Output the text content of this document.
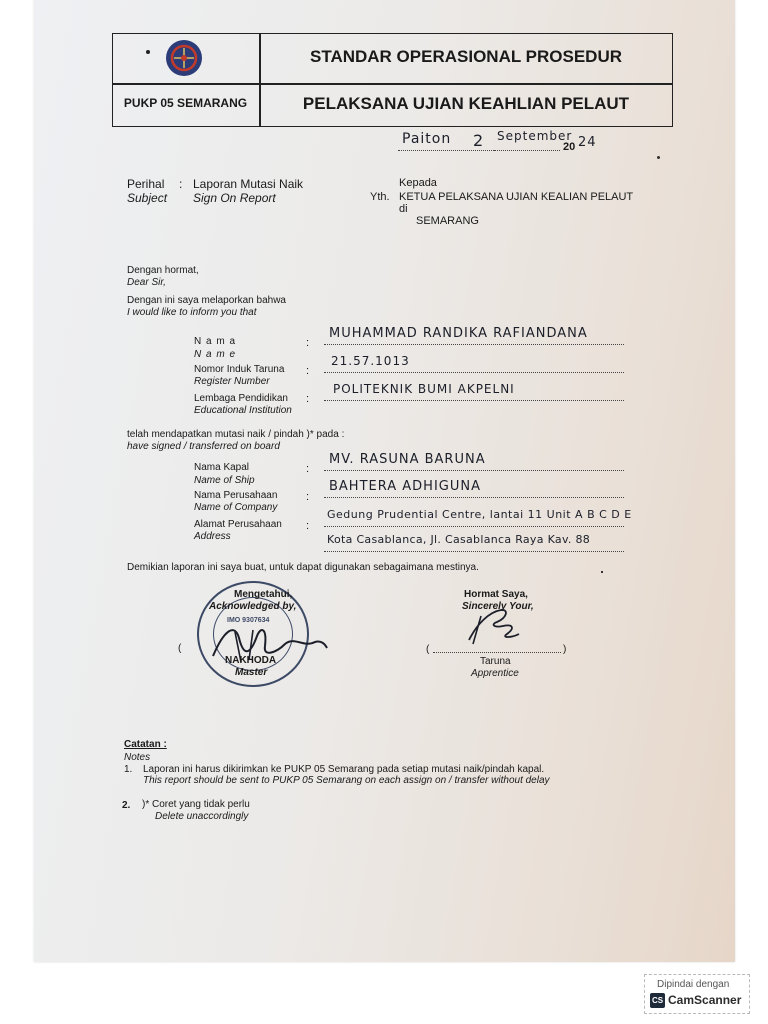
STANDAR OPERASIONAL PROSEDUR
PUKP 05 SEMARANG	PELAKSANA UJIAN KEAHLIAN PELAUT
Paiton 2 September
20 24
Perihal : Laporan Mutasi Naik
Subject Sign On Report
Kepada
Yth. KETUA PELAKSANA UJIAN KEALIAN PELAUT
di
SEMARANG
Dengan hormat,
Dear Sir,
Dengan ini saya melaporkan bahwa
I would like to inform you that
N a m a
N a m e
:
MUHAMMAD RANDIKA RAFIANDANA
Nomor Induk Taruna
Register Number
:
21.57.1013
Lembaga Pendidikan
Educational Institution
:
POLITEKNIK BUMI AKPELNI
telah mendapatkan mutasi naik / pindah )* pada :
have signed / transferred on board
Nama Kapal
Name of Ship
:
MV. RASUNA BARUNA
Nama Perusahaan
Name of Company
:
BAHTERA ADHIGUNA
Alamat Perusahaan
Address
:
Gedung Prudential Centre, lantai 11 Unit A B C D E
Kota Casablanca, Jl. Casablanca Raya Kav. 88
Demikian laporan ini saya buat, untuk dapat digunakan sebagaimana mestinya.
IMO 9307634
Mengetahui,
Acknowledged by,
(
NAKHODA
Master
Hormat Saya,
Sincerely Your,
(	)
Taruna
Apprentice
Catatan :
Notes
1. Laporan ini harus dikirimkan ke PUKP 05 Semarang pada setiap mutasi naik/pindah kapal.
This report should be sent to PUKP 05 Semarang on each assign on / transfer without delay
2. )* Coret yang tidak perlu
Delete unaccordingly
Dipindai dengan
CS CamScanner
